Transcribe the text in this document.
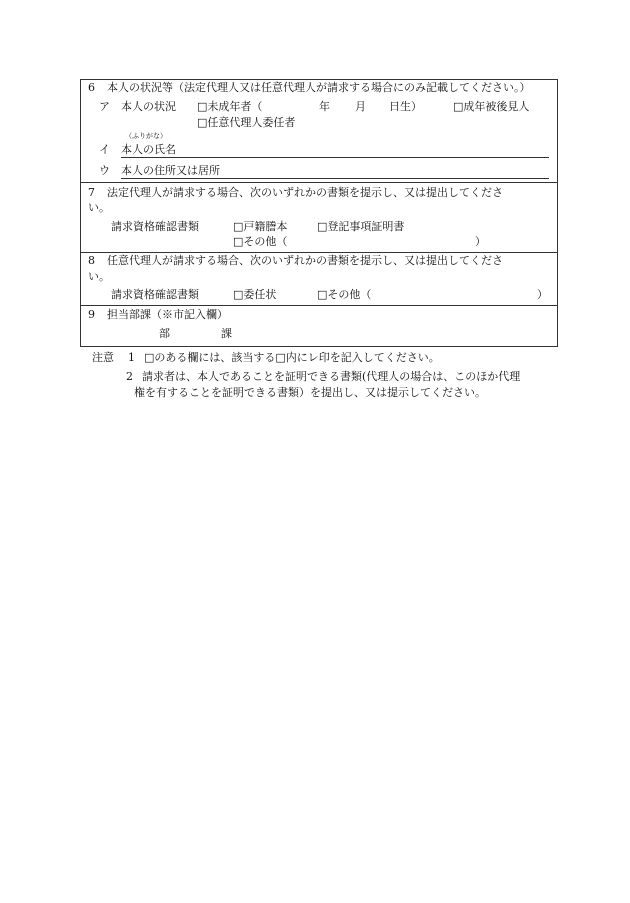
6 本人の状況等（法定代理人又は任意代理人が請求する場合にのみ記載してください。）
ア 本人の状況 □未成年者（	年 月 日生）	□成年被後見人
□任意代理人委任者
（ふりがな）
イ 本人の氏名
ウ 本人の住所又は居所
7 法定代理人が請求する場合、次のいずれかの書類を提示し、又は提出してくださ
い。
請求資格確認書類	□戸籍謄本	□登記事項証明書
□その他（	）
8 任意代理人が請求する場合、次のいずれかの書類を提示し、又は提出してくださ
い。
請求資格確認書類	□委任状	□その他（	）
9 担当部課（※市記入欄）
部	課
注意 1 □のある欄には、該当する□内にレ印を記入してください。
2 請求者は、本人であることを証明できる書類(代理人の場合は、このほか代理
権を有することを証明できる書類）を提出し、又は提示してください。
